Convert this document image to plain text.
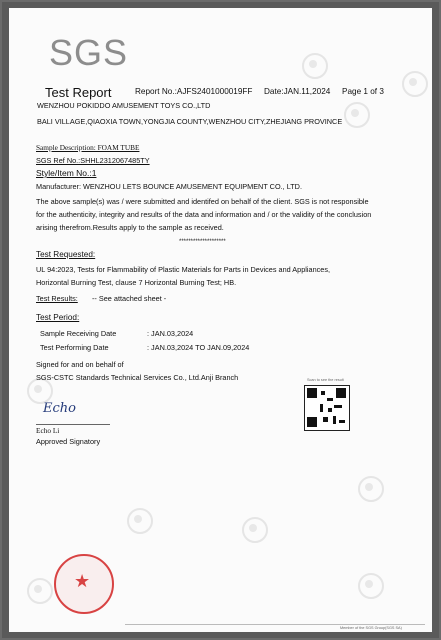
SGS
Test Report	Report No.:AJFS2401000019FF Date:JAN.11,2024 Page 1 of 3
WENZHOU POKIDDO AMUSEMENT TOYS CO.,LTD
BALI VILLAGE,QIAOXIA TOWN,YONGJIA COUNTY,WENZHOU CITY,ZHEJIANG PROVINCE
Sample Description: FOAM TUBE
SGS Ref No.:SHHL2312067485TY
Style/Item No.:1
Manufacturer: WENZHOU LETS BOUNCE AMUSEMENT EQUIPMENT CO., LTD.
The above sample(s) was / were submitted and identifed on behalf of the client. SGS is not responsible
for the authenticity, integrity and results of the data and information and / or the validity of the conclusion
arising therefrom.Results apply to the sample as received.
********************
Test Requested:
UL 94:2023, Tests for Flammability of Plastic Materials for Parts in Devices and Appliances,
Horizontal Burning Test, clause 7 Horizontal Burning Test; HB.
Test Results: -- See attached sheet -
Test Period:
Sample Receiving Date	: JAN.03,2024
Test Performing Date	: JAN.03,2024 TO JAN.09,2024
Signed for and on behalf of
SGS-CSTC Standards Technical Services Co., Ltd.Anji Branch
Echo
Echo Li
Approved Signatory
Scan to see the result
★
Member of the SGS Group(SGS SA)
